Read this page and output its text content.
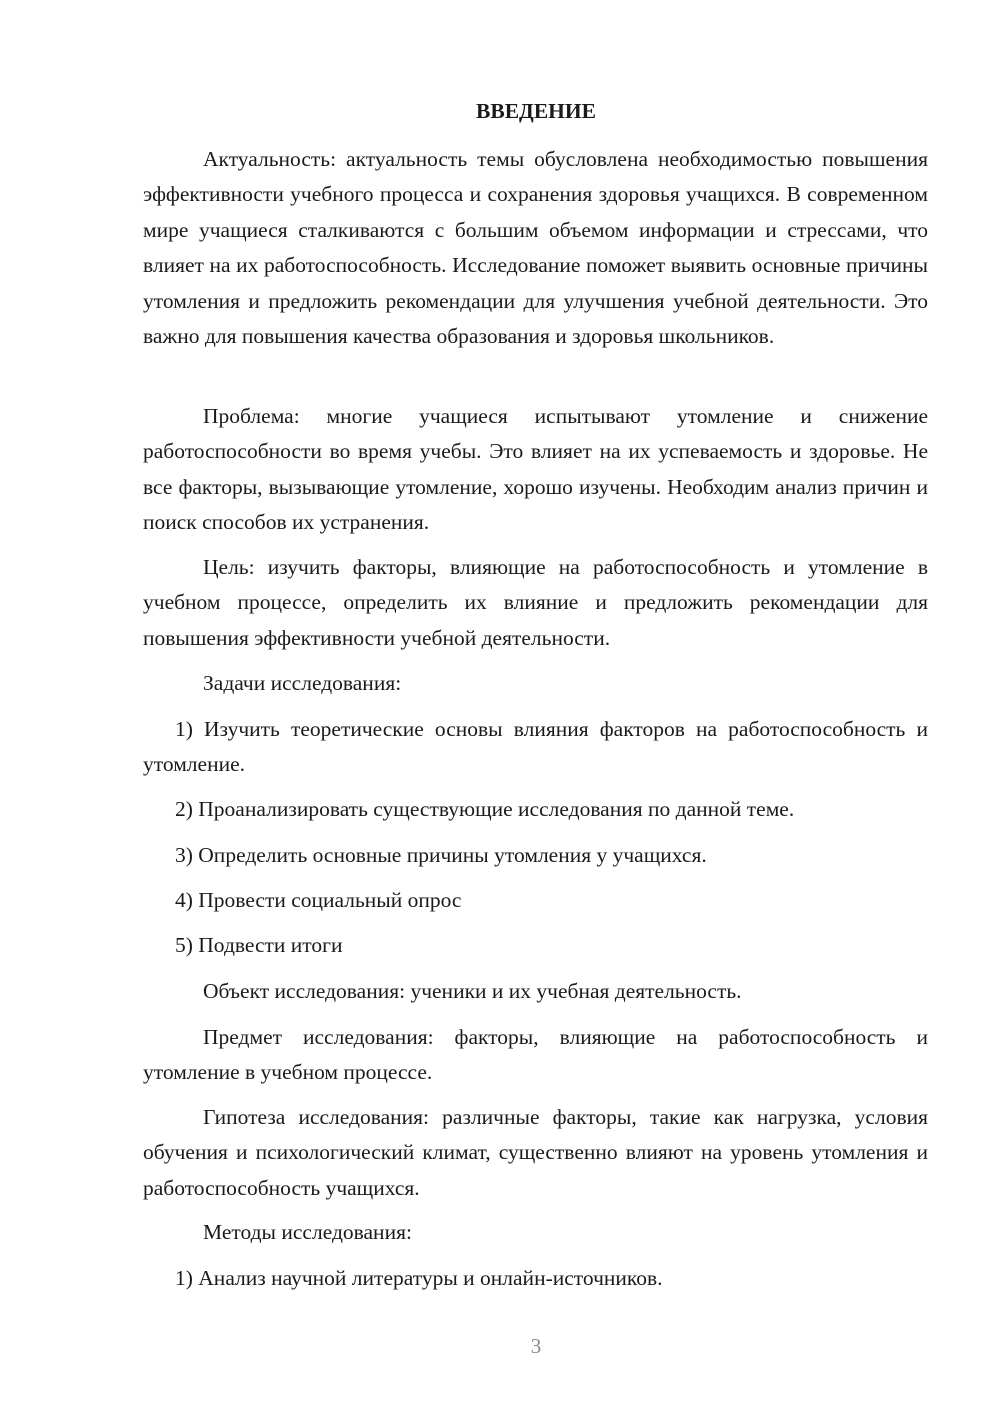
ВВЕДЕНИЕ

Актуальность: актуальность темы обусловлена необходимостью повышения эффективности учебного процесса и сохранения здоровья учащихся. В современном мире учащиеся сталкиваются с большим объемом информации и стрессами, что влияет на их работоспособность. Исследование поможет выявить основные причины утомления и предложить рекомендации для улучшения учебной деятельности. Это важно для повышения качества образования и здоровья школьников.

Проблема: многие учащиеся испытывают утомление и снижение работоспособности во время учебы. Это влияет на их успеваемость и здоровье. Не все факторы, вызывающие утомление, хорошо изучены. Необходим анализ причин и поиск способов их устранения.

Цель: изучить факторы, влияющие на работоспособность и утомление в учебном процессе, определить их влияние и предложить рекомендации для повышения эффективности учебной деятельности.

Задачи исследования:

1) Изучить теоретические основы влияния факторов на работоспособность и утомление.

2) Проанализировать существующие исследования по данной теме.

3) Определить основные причины утомления у учащихся.

4) Провести социальный опрос

5) Подвести итоги

Объект исследования: ученики и их учебная деятельность.

Предмет исследования: факторы, влияющие на работоспособность и утомление в учебном процессе.

Гипотеза исследования: различные факторы, такие как нагрузка, условия обучения и психологический климат, существенно влияют на уровень утомления и работоспособность учащихся.

Методы исследования:

1) Анализ научной литературы и онлайн-источников.

3
